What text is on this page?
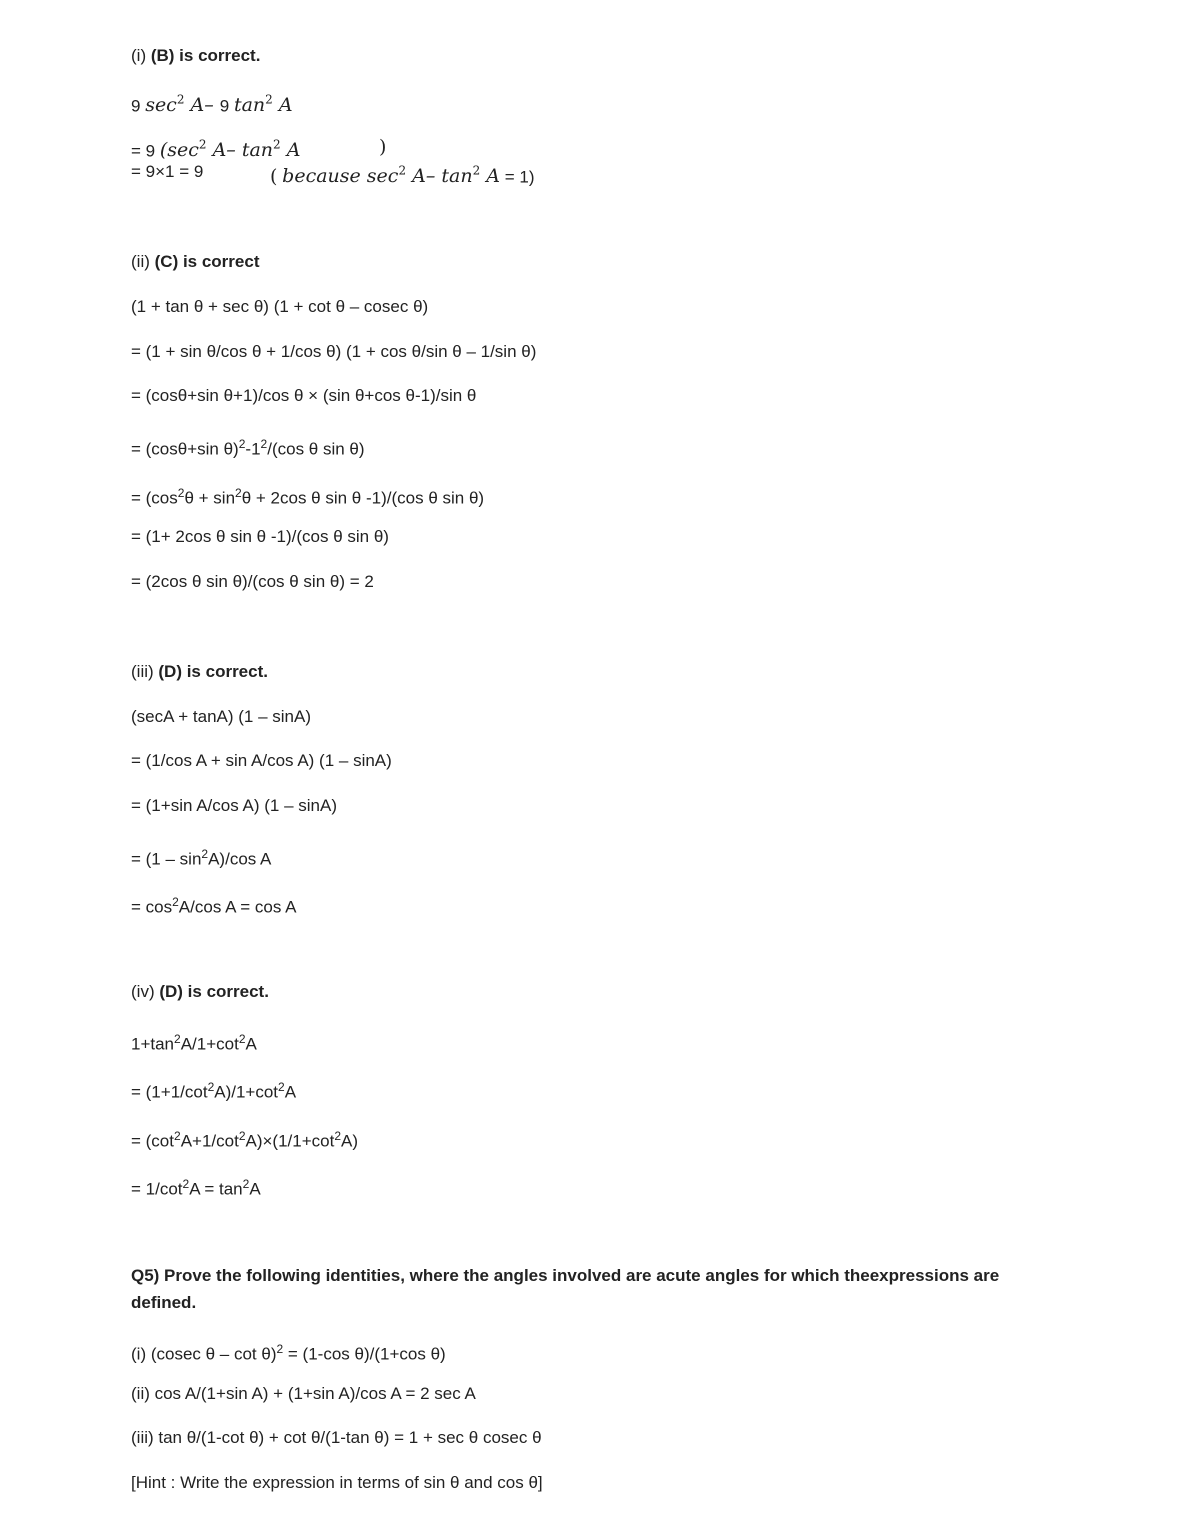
(i) (B) is correct.
9 $\sec^2 A-$ 9 $\tan^2 A$
= 9 ($\sec^2$ A– $\tan^2 A$	)
= 9×1 = 9	( because $\sec^2 A-$ $\tan^2 A = 1$)
(ii) (C) is correct
(1 + tan θ + sec θ) (1 + cot θ – cosec θ)
= (1 + sin θ/cos θ + 1/cos θ) (1 + cos θ/sin θ – 1/sin θ)
= (cosθ+sin θ+1)/cos θ × (sin θ+cos θ-1)/sin θ
= (cosθ+sin $\theta)^2-1^2/(\cos$ θ sin θ)
= ($\cos^2\theta + \sin^2\theta + 2\cos$ θ sin θ -1)/(cos θ sin θ)
= (1+ 2cos θ sin θ -1)/(cos θ sin θ)
= (2cos θ sin θ)/(cos θ sin θ) = 2
(iii) (D) is correct.
(secA + tanA) (1 – sinA)
= (1/cos A + sin A/cos A) (1 – sinA)
= (1+sin A/cos A) (1 – sinA)
= $(1 - \sin^2A)/\cos$ A
= $\cos^2A/\cos$ A = cos A
(iv) (D) is correct.
$1+\tan^2A/1+\cot^2A$
= $(1+1/\cot^2A)/1+\cot^2A$
= $(\cot^2A+1/\cot^2A)\times(1/1+\cot^2A)$
= $1/\cot^2A = \tan^2A$
Q5) Prove the following identities, where the angles involved are acute angles for which theexpressions are defined.
(i) (cosec θ – cot θ)$^2$ = (1-cos θ)/(1+cos θ)
(ii) cos A/(1+sin A) + (1+sin A)/cos A = 2 sec A
(iii) tan θ/(1-cot θ) + cot θ/(1-tan θ) = 1 + sec θ cosec θ
[Hint : Write the expression in terms of sin θ and cos θ]
